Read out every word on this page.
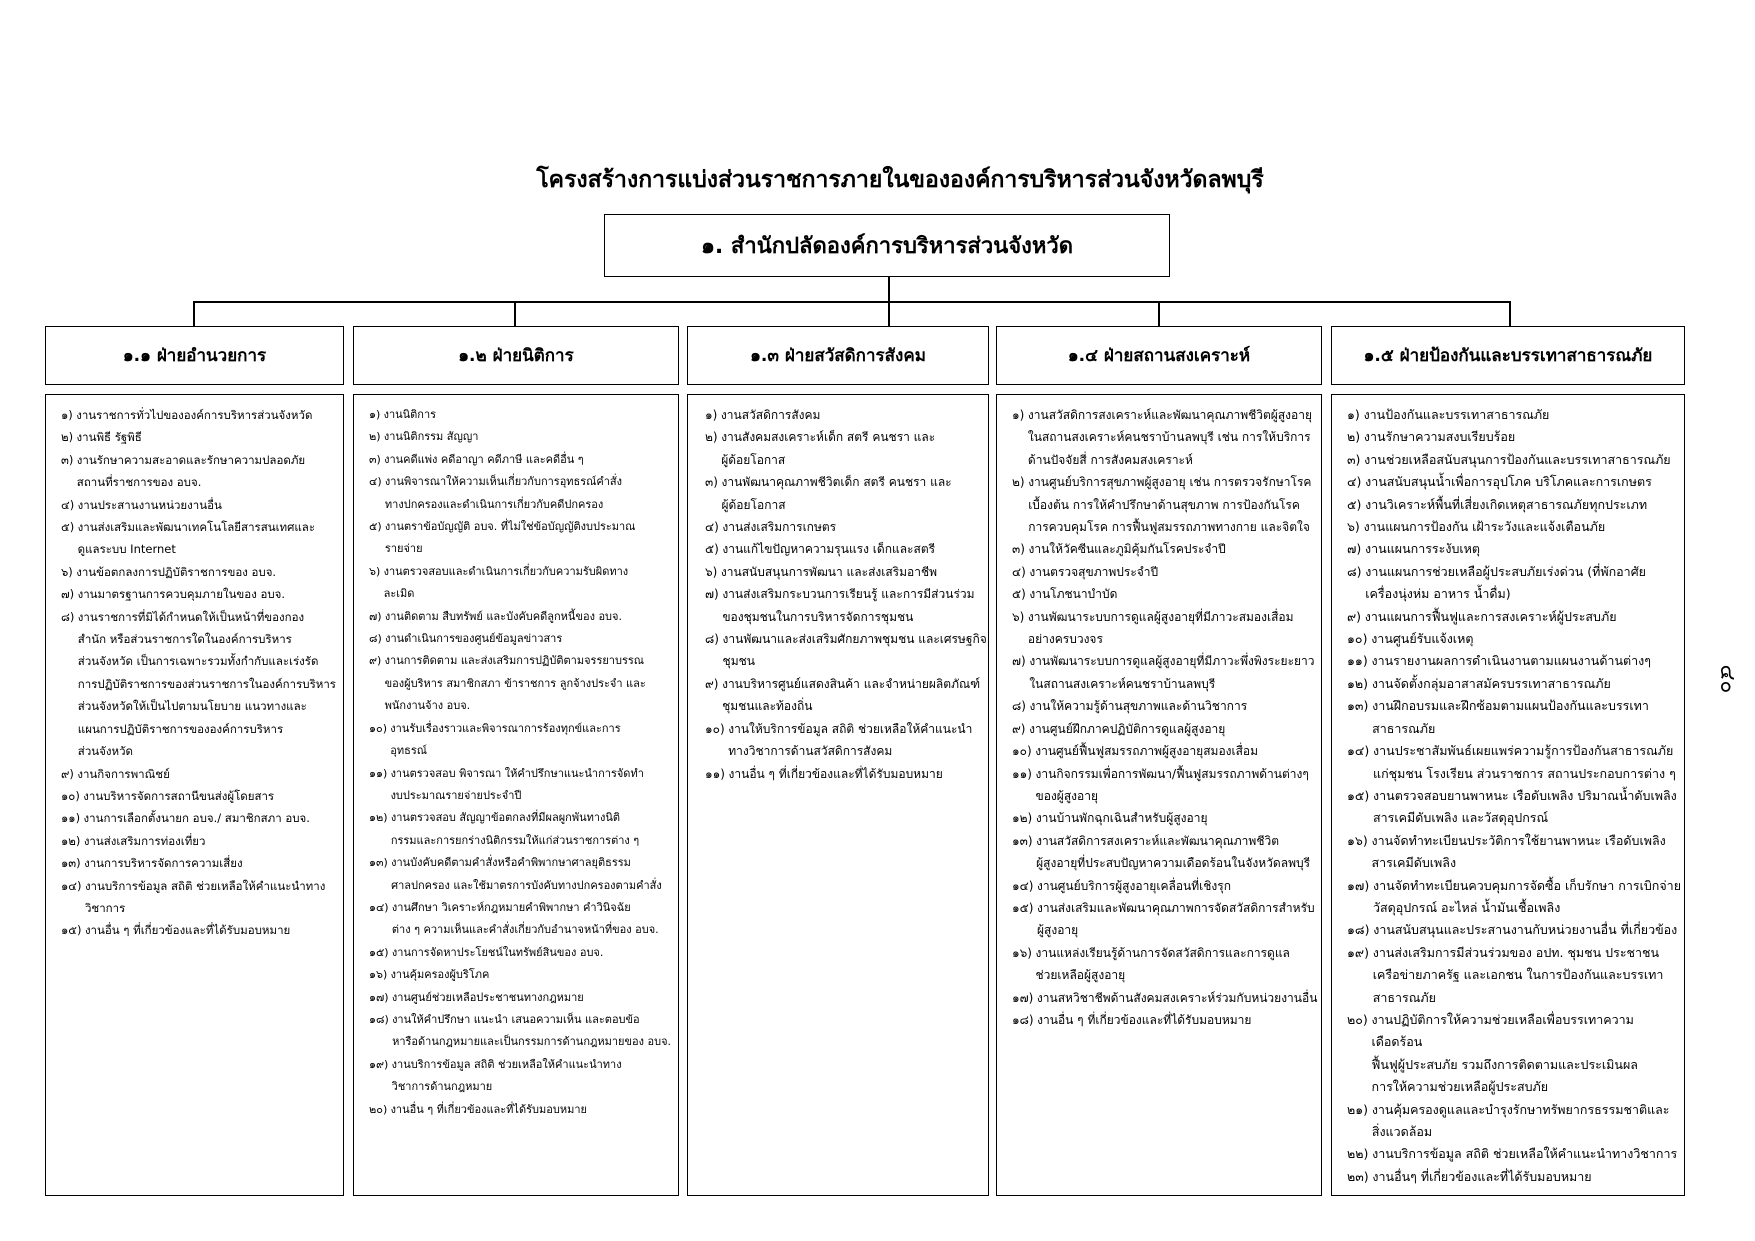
โครงสร้างการแบ่งส่วนราชการภายในขององค์การบริหารส่วนจังหวัดลพบุรี
๑. สำนักปลัดองค์การบริหารส่วนจังหวัด
๑.๑ ฝ่ายอำนวยการ	๑.๒ ฝ่ายนิติการ	๑.๓ ฝ่ายสวัสดิการสังคม	๑.๔ ฝ่ายสถานสงเคราะห์	๑.๕ ฝ่ายป้องกันและบรรเทาสาธารณภัย
๑) งานราชการทั่วไปขององค์การบริหารส่วนจังหวัด
๒) งานพิธี รัฐพิธี
๓) งานรักษาความสะอาดและรักษาความปลอดภัย
สถานที่ราชการของ อบจ.
๔) งานประสานงานหน่วยงานอื่น
๕) งานส่งเสริมและพัฒนาเทคโนโลยีสารสนเทศและ
ดูแลระบบ Internet
๖) งานข้อตกลงการปฏิบัติราชการของ อบจ.
๗) งานมาตรฐานการควบคุมภายในของ อบจ.
๘) งานราชการที่มิได้กำหนดให้เป็นหน้าที่ของกอง
สำนัก หรือส่วนราชการใดในองค์การบริหาร
ส่วนจังหวัด เป็นการเฉพาะรวมทั้งกำกับและเร่งรัด
การปฏิบัติราชการของส่วนราชการในองค์การบริหาร
ส่วนจังหวัดให้เป็นไปตามนโยบาย แนวทางและ
แผนการปฏิบัติราชการขององค์การบริหาร
ส่วนจังหวัด
๙) งานกิจการพาณิชย์
๑๐) งานบริหารจัดการสถานีขนส่งผู้โดยสาร
๑๑) งานการเลือกตั้งนายก อบจ./ สมาชิกสภา อบจ.
๑๒) งานส่งเสริมการท่องเที่ยว
๑๓) งานการบริหารจัดการความเสี่ยง
๑๔) งานบริการข้อมูล สถิติ ช่วยเหลือให้คำแนะนำทาง
วิชาการ
๑๕) งานอื่น ๆ ที่เกี่ยวข้องและที่ได้รับมอบหมาย
๑) งานนิติการ
๒) งานนิติกรรม สัญญา
๓) งานคดีแพ่ง คดีอาญา คดีภาษี และคดีอื่น ๆ
๔) งานพิจารณาให้ความเห็นเกี่ยวกับการอุทธรณ์คำสั่ง
ทางปกครองและดำเนินการเกี่ยวกับคดีปกครอง
๕) งานตราข้อบัญญัติ อบจ. ที่ไม่ใช่ข้อบัญญัติงบประมาณ
รายจ่าย
๖) งานตรวจสอบและดำเนินการเกี่ยวกับความรับผิดทาง
ละเมิด
๗) งานติดตาม สืบทรัพย์ และบังคับคดีลูกหนี้ของ อบจ.
๘) งานดำเนินการของศูนย์ข้อมูลข่าวสาร
๙) งานการติดตาม และส่งเสริมการปฏิบัติตามจรรยาบรรณ
ของผู้บริหาร สมาชิกสภา ข้าราชการ ลูกจ้างประจำ และ
พนักงานจ้าง อบจ.
๑๐) งานรับเรื่องราวและพิจารณาการร้องทุกข์และการ
อุทธรณ์
๑๑) งานตรวจสอบ พิจารณา ให้คำปรึกษาแนะนำการจัดทำ
งบประมาณรายจ่ายประจำปี
๑๒) งานตรวจสอบ สัญญาข้อตกลงที่มีผลผูกพันทางนิติ
กรรมและการยกร่างนิติกรรมให้แก่ส่วนราชการต่าง ๆ
๑๓) งานบังคับคดีตามคำสั่งหรือคำพิพากษาศาลยุติธรรม
ศาลปกครอง และใช้มาตรการบังคับทางปกครองตามคำสั่ง
๑๔) งานศึกษา วิเคราะห์กฎหมายคำพิพากษา คำวินิจฉัย
ต่าง ๆ ความเห็นและคำสั่งเกี่ยวกับอำนาจหน้าที่ของ อบจ.
๑๕) งานการจัดหาประโยชน์ในทรัพย์สินของ อบจ.
๑๖) งานคุ้มครองผู้บริโภค
๑๗) งานศูนย์ช่วยเหลือประชาชนทางกฎหมาย
๑๘) งานให้คำปรึกษา แนะนำ เสนอความเห็น และตอบข้อ
หารือด้านกฎหมายและเป็นกรรมการด้านกฎหมายของ อบจ.
๑๙) งานบริการข้อมูล สถิติ ช่วยเหลือให้คำแนะนำทาง
วิชาการด้านกฎหมาย
๒๐) งานอื่น ๆ ที่เกี่ยวข้องและที่ได้รับมอบหมาย
๑) งานสวัสดิการสังคม
๒) งานสังคมสงเคราะห์เด็ก สตรี คนชรา และ
ผู้ด้อยโอกาส
๓) งานพัฒนาคุณภาพชีวิตเด็ก สตรี คนชรา และ
ผู้ด้อยโอกาส
๔) งานส่งเสริมการเกษตร
๕) งานแก้ไขปัญหาความรุนแรง เด็กและสตรี
๖) งานสนับสนุนการพัฒนา และส่งเสริมอาชีพ
๗) งานส่งเสริมกระบวนการเรียนรู้ และการมีส่วนร่วม
ของชุมชนในการบริหารจัดการชุมชน
๘) งานพัฒนาและส่งเสริมศักยภาพชุมชน และเศรษฐกิจ
ชุมชน
๙) งานบริหารศูนย์แสดงสินค้า และจำหน่ายผลิตภัณฑ์
ชุมชนและท้องถิ่น
๑๐) งานให้บริการข้อมูล สถิติ ช่วยเหลือให้คำแนะนำ
ทางวิชาการด้านสวัสดิการสังคม
๑๑) งานอื่น ๆ ที่เกี่ยวข้องและที่ได้รับมอบหมาย
๑) งานสวัสดิการสงเคราะห์และพัฒนาคุณภาพชีวิตผู้สูงอายุ
ในสถานสงเคราะห์คนชราบ้านลพบุรี เช่น การให้บริการ
ด้านปัจจัยสี่ การสังคมสงเคราะห์
๒) งานศูนย์บริการสุขภาพผู้สูงอายุ เช่น การตรวจรักษาโรค
เบื้องต้น การให้คำปรึกษาด้านสุขภาพ การป้องกันโรค
การควบคุมโรค การฟื้นฟูสมรรถภาพทางกาย และจิตใจ
๓) งานให้วัคซีนและภูมิคุ้มกันโรคประจำปี
๔) งานตรวจสุขภาพประจำปี
๕) งานโภชนาบำบัด
๖) งานพัฒนาระบบการดูแลผู้สูงอายุที่มีภาวะสมองเสื่อม
อย่างครบวงจร
๗) งานพัฒนาระบบการดูแลผู้สูงอายุที่มีภาวะพึ่งพิงระยะยาว
ในสถานสงเคราะห์คนชราบ้านลพบุรี
๘) งานให้ความรู้ด้านสุขภาพและด้านวิชาการ
๙) งานศูนย์ฝึกภาคปฏิบัติการดูแลผู้สูงอายุ
๑๐) งานศูนย์ฟื้นฟูสมรรถภาพผู้สูงอายุสมองเสื่อม
๑๑) งานกิจกรรมเพื่อการพัฒนา/ฟื้นฟูสมรรถภาพด้านต่างๆ
ของผู้สูงอายุ
๑๒) งานบ้านพักฉุกเฉินสำหรับผู้สูงอายุ
๑๓) งานสวัสดิการสงเคราะห์และพัฒนาคุณภาพชีวิต
ผู้สูงอายุที่ประสบปัญหาความเดือดร้อนในจังหวัดลพบุรี
๑๔) งานศูนย์บริการผู้สูงอายุเคลื่อนที่เชิงรุก
๑๕) งานส่งเสริมและพัฒนาคุณภาพการจัดสวัสดิการสำหรับ
ผู้สูงอายุ
๑๖) งานแหล่งเรียนรู้ด้านการจัดสวัสดิการและการดูแล
ช่วยเหลือผู้สูงอายุ
๑๗) งานสหวิชาชีพด้านสังคมสงเคราะห์ร่วมกับหน่วยงานอื่น
๑๘) งานอื่น ๆ ที่เกี่ยวข้องและที่ได้รับมอบหมาย
๑) งานป้องกันและบรรเทาสาธารณภัย
๒) งานรักษาความสงบเรียบร้อย
๓) งานช่วยเหลือสนับสนุนการป้องกันและบรรเทาสาธารณภัย
๔) งานสนับสนุนน้ำเพื่อการอุปโภค บริโภคและการเกษตร
๕) งานวิเคราะห์พื้นที่เสี่ยงเกิดเหตุสาธารณภัยทุกประเภท
๖) งานแผนการป้องกัน เฝ้าระวังและแจ้งเตือนภัย
๗) งานแผนการระงับเหตุ
๘) งานแผนการช่วยเหลือผู้ประสบภัยเร่งด่วน (ที่พักอาศัย
เครื่องนุ่งห่ม อาหาร น้ำดื่ม)
๙) งานแผนการฟื้นฟูและการสงเคราะห์ผู้ประสบภัย
๑๐) งานศูนย์รับแจ้งเหตุ
๑๑) งานรายงานผลการดำเนินงานตามแผนงานด้านต่างๆ
๑๒) งานจัดตั้งกลุ่มอาสาสมัครบรรเทาสาธารณภัย
๑๓) งานฝึกอบรมและฝึกซ้อมตามแผนป้องกันและบรรเทา
สาธารณภัย
๑๔) งานประชาสัมพันธ์เผยแพร่ความรู้การป้องกันสาธารณภัย
แก่ชุมชน โรงเรียน ส่วนราชการ สถานประกอบการต่าง ๆ
๑๕) งานตรวจสอบยานพาหนะ เรือดับเพลิง ปริมาณน้ำดับเพลิง
สารเคมีดับเพลิง และวัสดุอุปกรณ์
๑๖) งานจัดทำทะเบียนประวัติการใช้ยานพาหนะ เรือดับเพลิง
สารเคมีดับเพลิง
๑๗) งานจัดทำทะเบียนควบคุมการจัดซื้อ เก็บรักษา การเบิกจ่าย
วัสดุอุปกรณ์ อะไหล่ น้ำมันเชื้อเพลิง
๑๘) งานสนับสนุนและประสานงานกับหน่วยงานอื่น ที่เกี่ยวข้อง
๑๙) งานส่งเสริมการมีส่วนร่วมของ อปท. ชุมชน ประชาชน
เครือข่ายภาครัฐ และเอกชน ในการป้องกันและบรรเทา
สาธารณภัย
๒๐) งานปฏิบัติการให้ความช่วยเหลือเพื่อบรรเทาความ
เดือดร้อน
ฟื้นฟูผู้ประสบภัย รวมถึงการติดตามและประเมินผล
การให้ความช่วยเหลือผู้ประสบภัย
๒๑) งานคุ้มครองดูแลและบำรุงรักษาทรัพยากรธรรมชาติและ
สิ่งแวดล้อม
๒๒) งานบริการข้อมูล สถิติ ช่วยเหลือให้คำแนะนำทางวิชาการ
๒๓) งานอื่นๆ ที่เกี่ยวข้องและที่ได้รับมอบหมาย
๔๐
